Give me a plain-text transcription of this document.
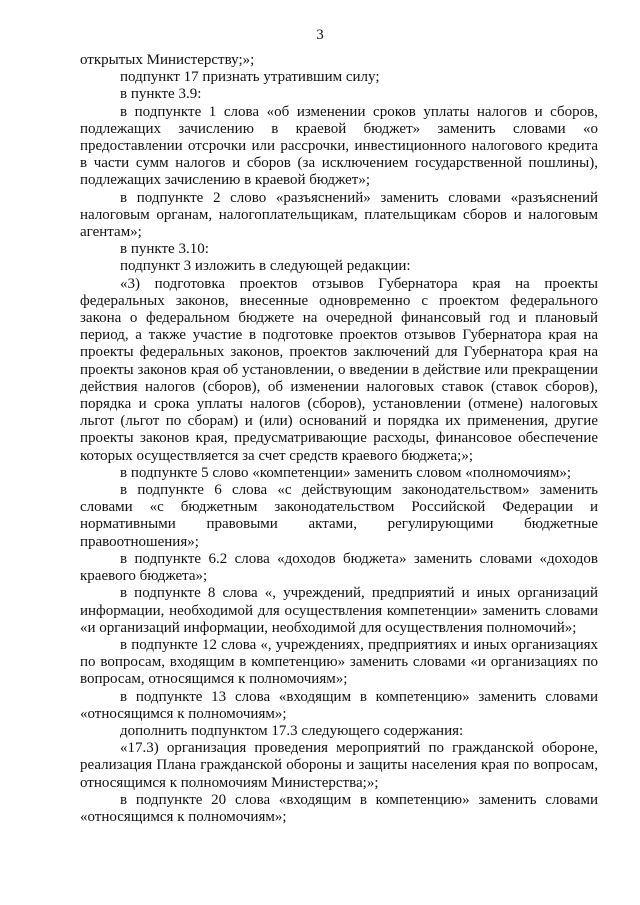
3

открытых Министерству;»;

подпункт 17 признать утратившим силу;

в пункте 3.9:

в подпункте 1 слова «об изменении сроков уплаты налогов и сборов, подлежащих зачислению в краевой бюджет» заменить словами «о предоставлении отсрочки или рассрочки, инвестиционного налогового кредита в части сумм налогов и сборов (за исключением государственной пошлины), подлежащих зачислению в краевой бюджет»;

в подпункте 2 слово «разъяснений» заменить словами «разъяснений налоговым органам, налогоплательщикам, плательщикам сборов и налоговым агентам»;

в пункте 3.10:

подпункт 3 изложить в следующей редакции:

«3) подготовка проектов отзывов Губернатора края на проекты федеральных законов, внесенные одновременно с проектом федерального закона о федеральном бюджете на очередной финансовый год и плановый период, а также участие в подготовке проектов отзывов Губернатора края на проекты федеральных законов, проектов заключений для Губернатора края на проекты законов края об установлении, о введении в действие или прекращении действия налогов (сборов), об изменении налоговых ставок (ставок сборов), порядка и срока уплаты налогов (сборов), установлении (отмене) налоговых льгот (льгот по сборам) и (или) оснований и порядка их применения, другие проекты законов края, предусматривающие расходы, финансовое обеспечение которых осуществляется за счет средств краевого бюджета;»;

в подпункте 5 слово «компетенции» заменить словом «полномочиям»;

в подпункте 6 слова «с действующим законодательством» заменить словами «с бюджетным законодательством Российской Федерации и нормативными правовыми актами, регулирующими бюджетные правоотношения»;

в подпункте 6.2 слова «доходов бюджета» заменить словами «доходов краевого бюджета»;

в подпункте 8 слова «, учреждений, предприятий и иных организаций информации, необходимой для осуществления компетенции» заменить словами «и организаций информации, необходимой для осуществления полномочий»;

в подпункте 12 слова «, учреждениях, предприятиях и иных организациях по вопросам, входящим в компетенцию» заменить словами «и организациях по вопросам, относящимся к полномочиям»;

в подпункте 13 слова «входящим в компетенцию» заменить словами «относящимся к полномочиям»;

дополнить подпунктом 17.3 следующего содержания:

«17.3) организация проведения мероприятий по гражданской обороне, реализация Плана гражданской обороны и защиты населения края по вопросам, относящимся к полномочиям Министерства;»;

в подпункте 20 слова «входящим в компетенцию» заменить словами «относящимся к полномочиям»;
